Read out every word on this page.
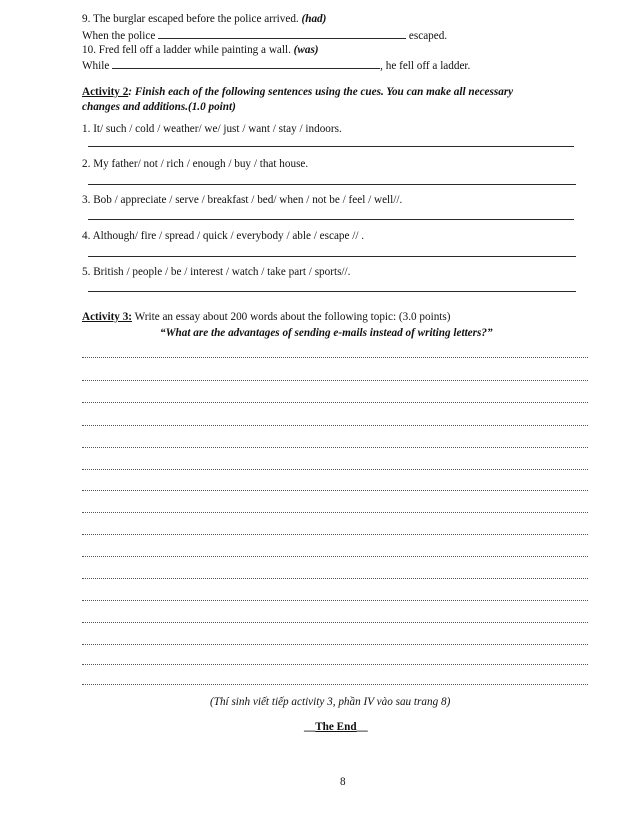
9. The burglar escaped before the police arrived. (had)
When the police	escaped.
10. Fred fell off a ladder while painting a wall. (was)
While	, he fell off a ladder.
Activity 2: Finish each of the following sentences using the cues. You can make all necessary
changes and additions.(1.0 point)
1. It/ such / cold / weather/ we/ just / want / stay / indoors.
2. My father/ not / rich / enough / buy / that house.
3. Bob / appreciate / serve / breakfast / bed/ when / not be / feel / well//.
4. Although/ fire / spread / quick / everybody / able / escape // .
5. British / people / be / interest / watch / take part / sports//.
Activity 3: Write an essay about 200 words about the following topic: (3.0 points)
“What are the advantages of sending e-mails instead of writing letters?”
(Thí sinh viết tiếp activity 3, phần IV vào sau trang 8)
__The End__
8
